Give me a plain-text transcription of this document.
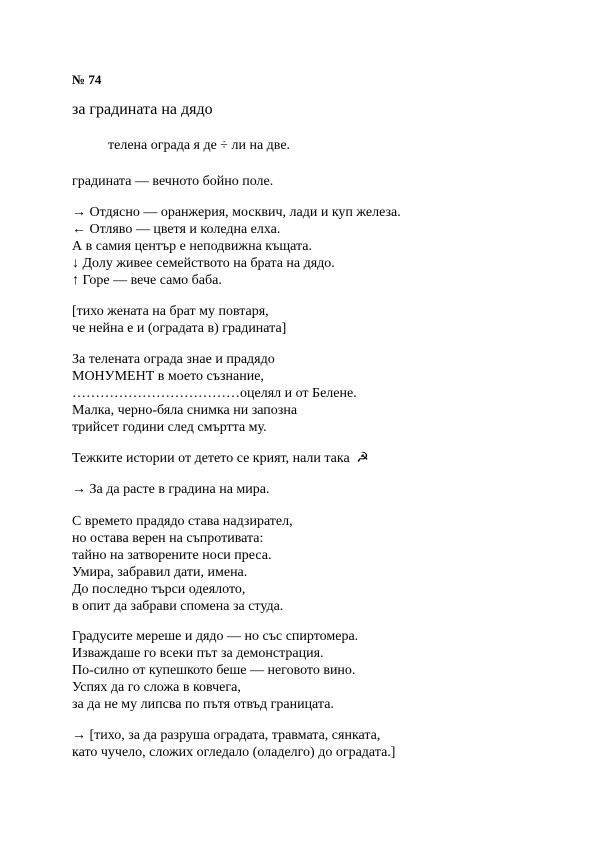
№ 74
за градината на дядо
телена ограда я де ÷ ли на две.
градината — вечното бойно поле.
→ Отдясно — оранжерия, москвич, лади и куп железа.
← Отляво — цветя и коледна елха.
А в самия център е неподвижна къщата.
↓ Долу живее семейството на брата на дядо.
↑ Горе — вече само баба.
[тихо жената на брат му повтаря,
че нейна е и (оградата в) градината]
За телената ограда знае и прадядо
МОНУМЕНТ в моето съзнание,
………………………………оцелял и от Белене.
Малка, черно-бяла снимка ни запозна
трийсет години след смъртта му.
Тежките истории от детето се крият, нали така ☭
→ За да расте в градина на мира.
С времето прадядо става надзирател,
но остава верен на съпротивата:
тайно на затворените носи преса.
Умира, забравил дати, имена.
До последно търси одеялото,
в опит да забрави спомена за студа.
Градусите мереше и дядо — но със спиртомера.
Изваждаше го всеки път за демонстрация.
По-силно от купешкото беше — неговото вино.
Успях да го сложа в ковчега,
за да не му липсва по пътя отвъд границата.
→ [тихо, за да разруша оградата, травмата, сянката,
като чучело, сложих огледало (оладелго) до оградата.]
